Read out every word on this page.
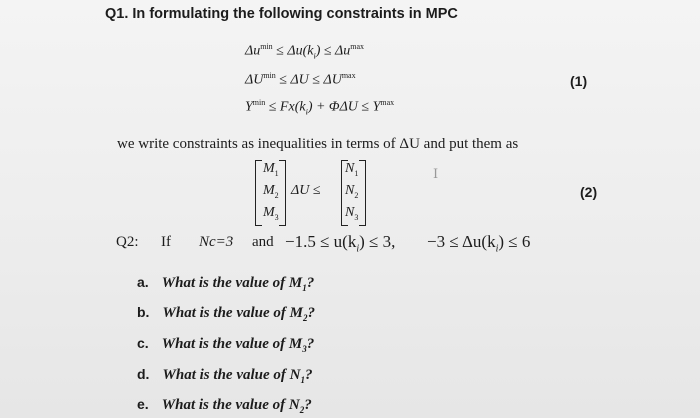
Q1. In formulating the following constraints in MPC
$\Delta u^{min} \le \Delta u(k_i) \le \Delta u^{max}$
$\Delta U^{min} \le \Delta U \le \Delta U^{max}$
$Y^{min} \le Fx(k_i) + \Phi\Delta U \le Y^{max}$
(1)
we write constraints as inequalities in terms of ΔU and put them as
$M_1$
$M_2$
$M_3$
ΔU ≤
$N_1$
$N_2$
$N_3$
I
(2)
Q2: If Nc=3 and $-1.5 \le u(k_i) \le 3$, $-3 \le \Delta u(k_i) \le 6$
a. What is the value of $M_1$?
b. What is the value of $M_2$?
c. What is the value of $M_3$?
d. What is the value of $N_1$?
e. What is the value of $N_2$?
